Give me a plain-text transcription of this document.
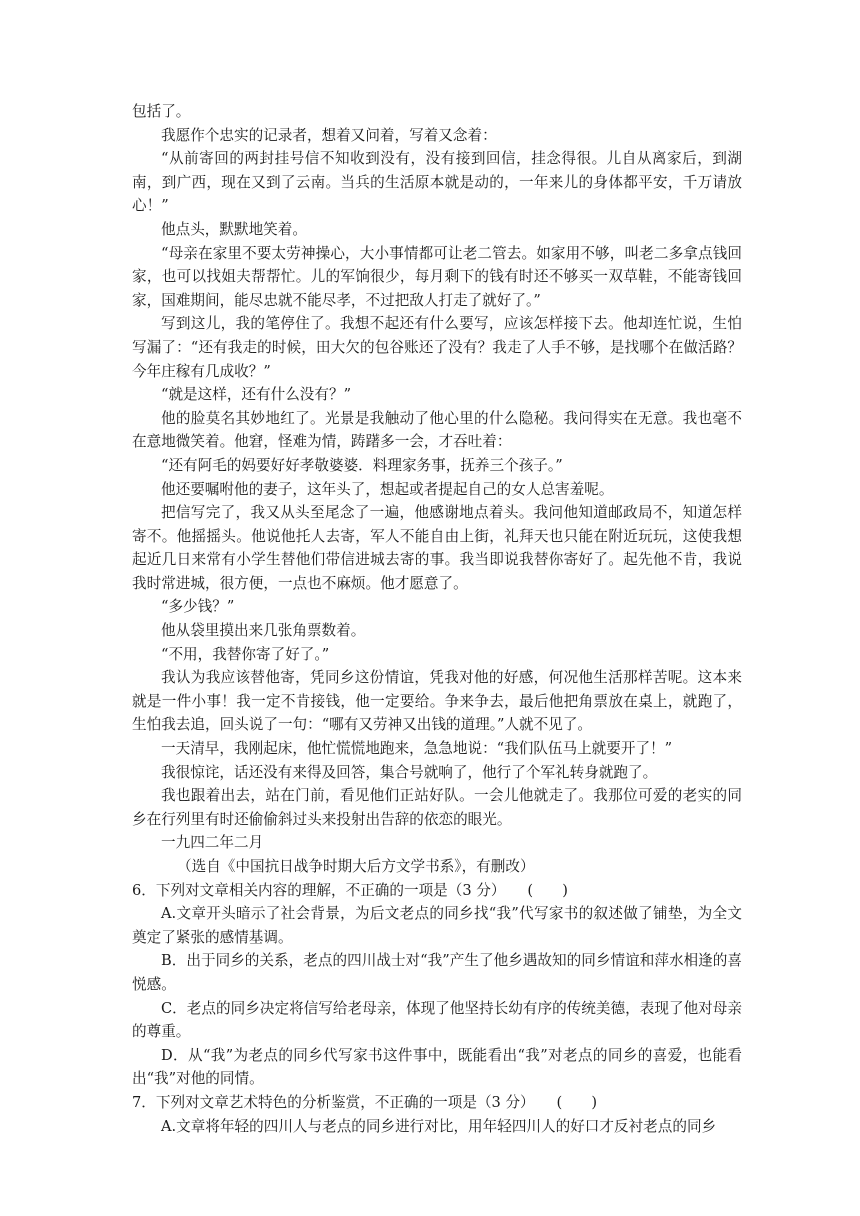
包括了。

我愿作个忠实的记录者，想着又问着，写着又念着：

“从前寄回的两封挂号信不知收到没有，没有接到回信，挂念得很。儿自从离家后，到湖南，到广西，现在又到了云南。当兵的生活原本就是动的，一年来儿的身体都平安，千万请放心！”

他点头，默默地笑着。

“母亲在家里不要太劳神操心，大小事情都可让老二管去。如家用不够，叫老二多拿点钱回家，也可以找姐夫帮帮忙。儿的军饷很少，每月剩下的钱有时还不够买一双草鞋，不能寄钱回家，国难期间，能尽忠就不能尽孝，不过把敌人打走了就好了。”

写到这儿，我的笔停住了。我想不起还有什么要写，应该怎样接下去。他却连忙说，生怕写漏了：“还有我走的时候，田大欠的包谷账还了没有？我走了人手不够，是找哪个在做活路？今年庄稼有几成收？”

“就是这样，还有什么没有？”

他的脸莫名其妙地红了。光景是我触动了他心里的什么隐秘。我问得实在无意。我也毫不在意地微笑着。他窘，怪难为情，踌躇多一会，才吞吐着：

“还有阿毛的妈要好好孝敬婆婆．料理家务事，抚养三个孩子。”

他还要嘱咐他的妻子，这年头了，想起或者提起自己的女人总害羞呢。

把信写完了，我又从头至尾念了一遍，他感谢地点着头。我问他知道邮政局不，知道怎样寄不。他摇摇头。他说他托人去寄，军人不能自由上街，礼拜天也只能在附近玩玩，这使我想起近几日来常有小学生替他们带信进城去寄的事。我当即说我替你寄好了。起先他不肯，我说我时常进城，很方便，一点也不麻烦。他才愿意了。

“多少钱？”

他从袋里摸出来几张角票数着。

“不用，我替你寄了好了。”

我认为我应该替他寄，凭同乡这份情谊，凭我对他的好感，何况他生活那样苦呢。这本来就是一件小事！我一定不肯接钱，他一定要给。争来争去，最后他把角票放在桌上，就跑了，生怕我去追，回头说了一句：“哪有又劳神又出钱的道理。”人就不见了。

一天清早，我刚起床，他忙慌慌地跑来，急急地说：“我们队伍马上就要开了！”

我很惊诧，话还没有来得及回答，集合号就响了，他行了个军礼转身就跑了。

我也跟着出去，站在门前，看见他们正站好队。一会儿他就走了。我那位可爱的老实的同乡在行列里有时还偷偷斜过头来投射出告辞的依恋的眼光。

一九四二年二月

（选自《中国抗日战争时期大后方文学书系》，有删改）

6．下列对文章相关内容的理解，不正确的一项是（3 分）　　(　　)

A.文章开头暗示了社会背景，为后文老点的同乡找“我”代写家书的叙述做了铺垫，为全文奠定了紧张的感情基调。

B．出于同乡的关系，老点的四川战士对“我”产生了他乡遇故知的同乡情谊和萍水相逢的喜悦感。

C．老点的同乡决定将信写给老母亲，体现了他坚持长幼有序的传统美德，表现了他对母亲的尊重。

D．从“我”为老点的同乡代写家书这件事中，既能看出“我”对老点的同乡的喜爱，也能看出“我”对他的同情。

7．下列对文章艺术特色的分析鉴赏，不正确的一项是（3 分）　　(　　)

A.文章将年轻的四川人与老点的同乡进行对比，用年轻四川人的好口才反衬老点的同乡
